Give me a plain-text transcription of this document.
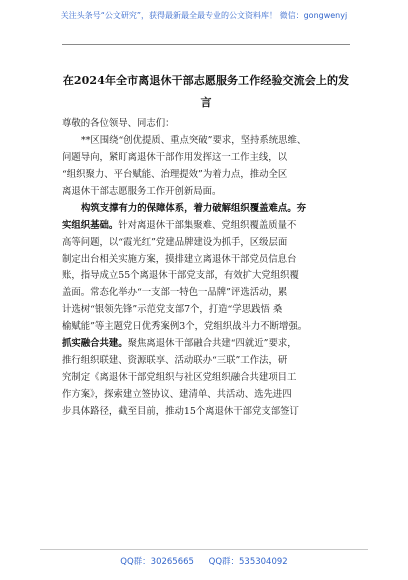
关注头条号“公文研究”，获得最新最全最专业的公文资料库！ 微信：gongwenyj
在2024年全市离退休干部志愿服务工作经验交流会上的发
言
尊敬的各位领导、同志们：
**区围绕“创优提质、重点突破”要求，坚持系统思维、
问题导向，紧盯离退休干部作用发挥这一工作主线，以
“组织聚力、平台赋能、治理提效”为着力点，推动全区
离退休干部志愿服务工作开创新局面。
构筑支撑有力的保障体系，着力破解组织覆盖难点。夯
实组织基础。针对离退休干部集聚难、党组织覆盖质量不
高等问题，以“霞光红”党建品牌建设为抓手，区级层面
制定出台相关实施方案，摸排建立离退休干部党员信息台
账，指导成立55个离退休干部党支部，有效扩大党组织覆
盖面。常态化举办“一支部一特色一品牌”评选活动，累
计选树“银领先锋”示范党支部7个，打造“学思践悟 桑
榆赋能”等主题党日优秀案例3个，党组织战斗力不断增强。
抓实融合共建。聚焦离退休干部融合共建“四就近”要求，
推行组织联建、资源联享、活动联办“三联”工作法，研
究制定《离退休干部党组织与社区党组织融合共建项目工
作方案》，探索建立签协议、建清单、共活动、选先进四
步具体路径，截至目前，推动15个离退休干部党支部签订
QQ群：30265665 QQ群：535304092
